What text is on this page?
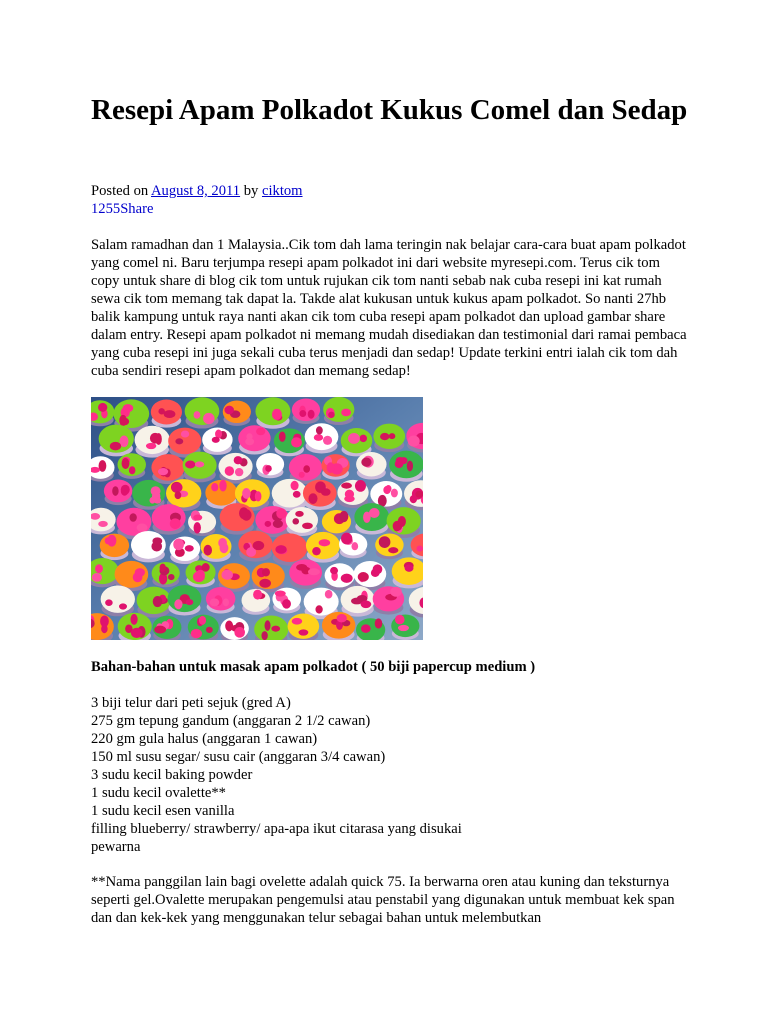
Resepi Apam Polkadot Kukus Comel dan Sedap
Posted on August 8, 2011 by ciktom
1255Share

Salam ramadhan dan 1 Malaysia..Cik tom dah lama teringin nak belajar cara-cara buat apam polkadot yang comel ni. Baru terjumpa resepi apam polkadot ini dari website myresepi.com. Terus cik tom copy untuk share di blog cik tom untuk rujukan cik tom nanti sebab nak cuba resepi ini kat rumah sewa cik tom memang tak dapat la. Takde alat kukusan untuk kukus apam polkadot. So nanti 27hb balik kampung untuk raya nanti akan cik tom cuba resepi apam polkadot dan upload gambar share dalam entry. Resepi apam polkadot ni memang mudah disediakan dan testimonial dari ramai pembaca yang cuba resepi ini juga sekali cuba terus menjadi dan sedap! Update terkini entri ialah cik tom dah cuba sendiri resepi apam polkadot dan memang sedap!

Bahan-bahan untuk masak apam polkadot ( 50 biji papercup medium )
3 biji telur dari peti sejuk (gred A)
275 gm tepung gandum (anggaran 2 1/2 cawan)
220 gm gula halus (anggaran 1 cawan)
150 ml susu segar/ susu cair (anggaran 3/4 cawan)
3 sudu kecil baking powder
1 sudu kecil ovalette**
1 sudu kecil esen vanilla
filling blueberry/ strawberry/ apa-apa ikut citarasa yang disukai
pewarna

**Nama panggilan lain bagi ovelette adalah quick 75. Ia berwarna oren atau kuning dan teksturnya seperti gel.Ovalette merupakan pengemulsi atau penstabil yang digunakan untuk membuat kek span dan dan kek-kek yang menggunakan telur sebagai bahan untuk melembutkan
